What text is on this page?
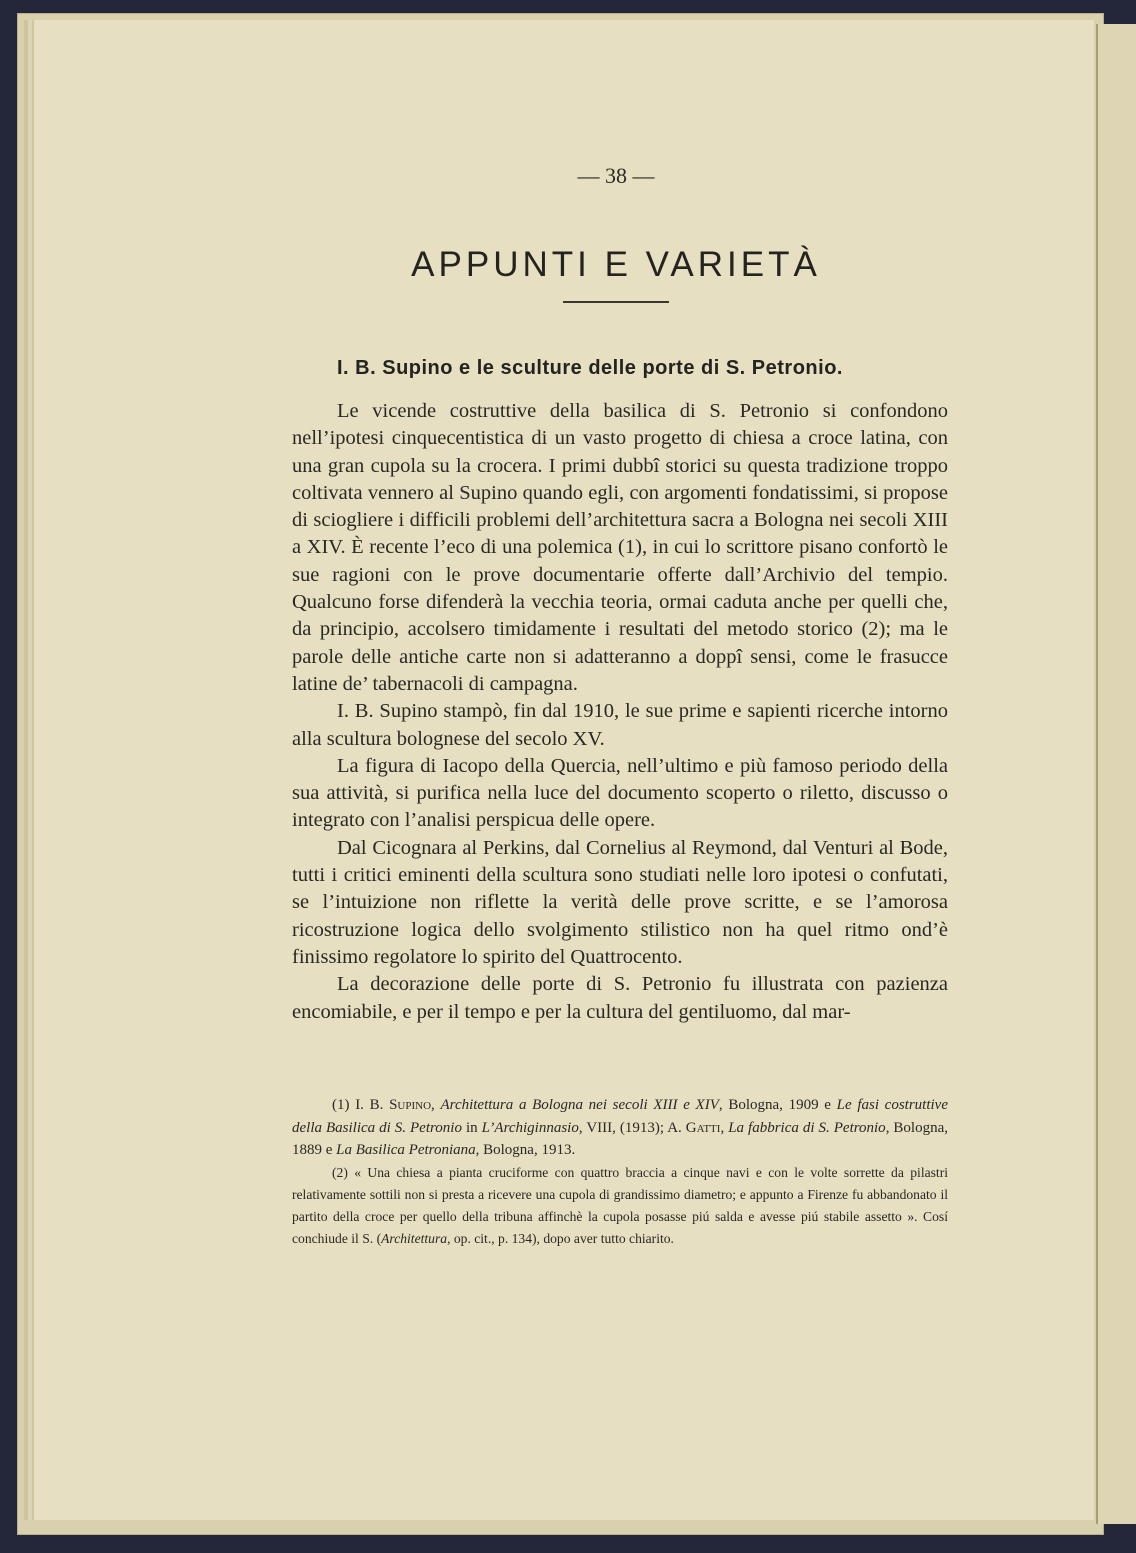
— 38 —
APPUNTI E VARIETÀ
I. B. Supino e le sculture delle porte di S. Petronio.

Le vicende costruttive della basilica di S. Petronio si confondono nell’ipotesi cinquecentistica di un vasto progetto di chiesa a croce latina, con una gran cupola su la crocera. I primi dubbî storici su questa tradizione troppo coltivata vennero al Supino quando egli, con argomenti fondatissimi, si propose di sciogliere i difficili problemi dell’architettura sacra a Bologna nei secoli XIII a XIV. È recente l’eco di una polemica (1), in cui lo scrittore pisano confortò le sue ragioni con le prove documentarie offerte dall’Archivio del tempio. Qualcuno forse difenderà la vecchia teoria, ormai caduta anche per quelli che, da principio, accolsero timidamente i resultati del metodo storico (2); ma le parole delle antiche carte non si adatteranno a doppî sensi, come le frasucce latine de’ tabernacoli di campagna.

I. B. Supino stampò, fin dal 1910, le sue prime e sapienti ricerche intorno alla scultura bolognese del secolo XV.

La figura di Iacopo della Quercia, nell’ultimo e più famoso periodo della sua attività, si purifica nella luce del documento scoperto o riletto, discusso o integrato con l’analisi perspicua delle opere.

Dal Cicognara al Perkins, dal Cornelius al Reymond, dal Venturi al Bode, tutti i critici eminenti della scultura sono studiati nelle loro ipotesi o confutati, se l’intuizione non riflette la verità delle prove scritte, e se l’amorosa ricostruzione logica dello svolgimento stilistico non ha quel ritmo ond’è finissimo regolatore lo spirito del Quattrocento.

La decorazione delle porte di S. Petronio fu illustrata con pazienza encomiabile, e per il tempo e per la cultura del gentiluomo, dal mar-

(1) I. B. Supino, Architettura a Bologna nei secoli XIII e XIV, Bologna, 1909 e Le fasi costruttive della Basilica di S. Petronio in L’Archiginnasio, VIII, (1913); A. Gatti, La fabbrica di S. Petronio, Bologna, 1889 e La Basilica Petroniana, Bologna, 1913.

(2) « Una chiesa a pianta cruciforme con quattro braccia a cinque navi e con le volte sorrette da pilastri relativamente sottili non si presta a ricevere una cupola di grandissimo diametro; e appunto a Firenze fu abbandonato il partito della croce per quello della tribuna affinchè la cupola posasse piú salda e avesse piú stabile assetto ». Cosí conchiude il S. (Architettura, op. cit., p. 134), dopo aver tutto chiarito.
